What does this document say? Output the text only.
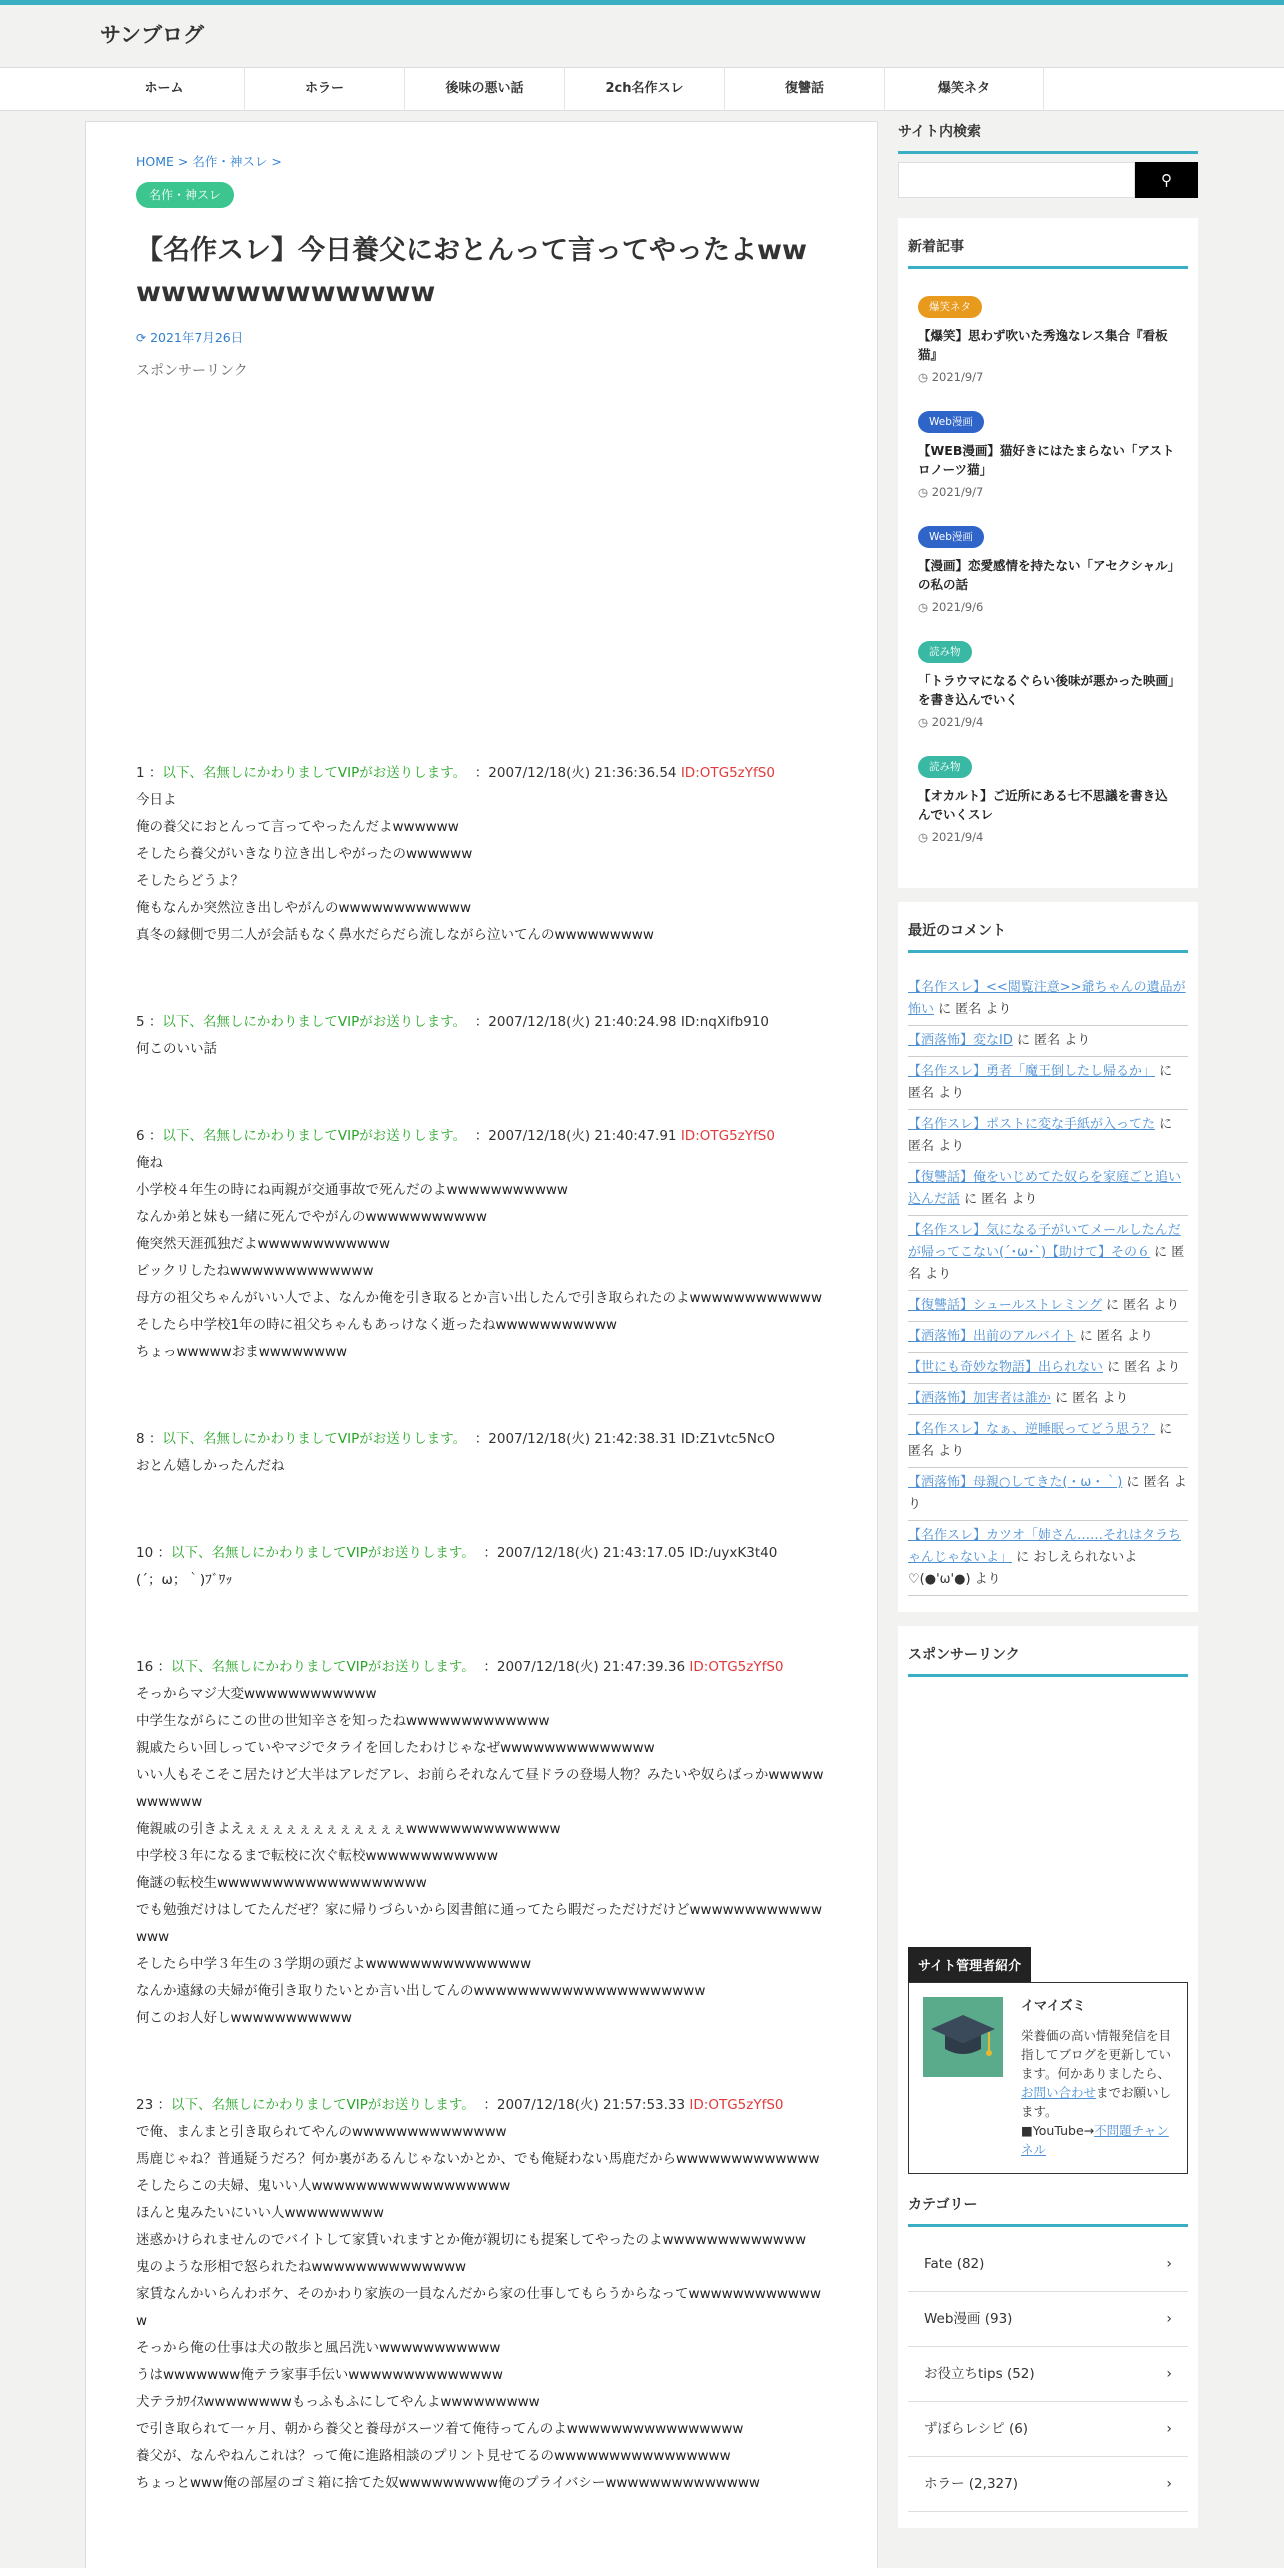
サンブログ
ホーム	ホラー	後味の悪い話	2ch名作スレ	復讐話	爆笑ネタ
HOME > 名作・神スレ >
名作・神スレ
【名作スレ】今日養父におとんって言ってやったよwwwwwwwwwwwwww
⟳ 2021年7月26日
スポンサーリンク
1 ：以下、名無しにかわりましてVIPがお送りします。 ：2007/12/18(火) 21:36:36.54 ID:OTG5zYfS0

今日よ

俺の養父におとんって言ってやったんだよwwwwww

そしたら養父がいきなり泣き出しやがったのwwwwww

そしたらどうよ？

俺もなんか突然泣き出しやがんのwwwwwwwwwwww

真冬の縁側で男二人が会話もなく鼻水だらだら流しながら泣いてんのwwwwwwwww

5 ：以下、名無しにかわりましてVIPがお送りします。 ：2007/12/18(火) 21:40:24.98 ID:nqXifb910

何このいい話

6 ：以下、名無しにかわりましてVIPがお送りします。 ：2007/12/18(火) 21:40:47.91 ID:OTG5zYfS0

俺ね

小学校４年生の時にね両親が交通事故で死んだのよwwwwwwwwwww

なんか弟と妹も一緒に死んでやがんのwwwwwwwwwww

俺突然天涯孤独だよwwwwwwwwwwww

ビックリしたねwwwwwwwwwwwww

母方の祖父ちゃんがいい人でよ、なんか俺を引き取るとか言い出したんで引き取られたのよwwwwwwwwwwww

そしたら中学校1年の時に祖父ちゃんもあっけなく逝ったねwwwwwwwwwww

ちょっwwwwwおまwwwwwwww

8 ：以下、名無しにかわりましてVIPがお送りします。 ：2007/12/18(火) 21:42:38.31 ID:Z1vtc5NcO

おとん嬉しかったんだね

10 ：以下、名無しにかわりましてVIPがお送りします。 ：2007/12/18(火) 21:43:17.05 ID:/uyxK3t40

(´；ω；｀)ﾌﾞﾜｯ

16 ：以下、名無しにかわりましてVIPがお送りします。 ：2007/12/18(火) 21:47:39.36 ID:OTG5zYfS0

そっからマジ大変wwwwwwwwwwww

中学生ながらにこの世の世知辛さを知ったねwwwwwwwwwwwww

親戚たらい回しっていやマジでタライを回したわけじゃなぜwwwwwwwwwwwwww

いい人もそこそこ居たけど大半はアレだアレ、お前らそれなんて昼ドラの登場人物？みたいや奴らばっかwwwwwwwwwww

俺親戚の引きよえぇぇぇぇぇぇぇぇぇぇぇぇwwwwwwwwwwwwww

中学校３年になるまで転校に次ぐ転校wwwwwwwwwwww

俺謎の転校生wwwwwwwwwwwwwwwwwww

でも勉強だけはしてたんだぜ？家に帰りづらいから図書館に通ってたら暇だっただけだけどwwwwwwwwwwwwwww

そしたら中学３年生の３学期の頭だよwwwwwwwwwwwwwww

なんか遠縁の夫婦が俺引き取りたいとか言い出してんのwwwwwwwwwwwwwwwwwwwww

何このお人好しwwwwwwwwwww

23 ：以下、名無しにかわりましてVIPがお送りします。 ：2007/12/18(火) 21:57:53.33 ID:OTG5zYfS0

で俺、まんまと引き取られてやんのwwwwwwwwwwwwww

馬鹿じゃね？普通疑うだろ？何か裏があるんじゃないかとか、でも俺疑わない馬鹿だからwwwwwwwwwwwww

そしたらこの夫婦、鬼いい人wwwwwwwwwwwwwwwwww

ほんと鬼みたいにいい人wwwwwwwww

迷惑かけられませんのでバイトして家賃いれますとか俺が親切にも提案してやったのよwwwwwwwwwwwww

鬼のような形相で怒られたねwwwwwwwwwwwwww

家賃なんかいらんわボケ、そのかわり家族の一員なんだから家の仕事してもらうからなってwwwwwwwwwwwww

そっから俺の仕事は犬の散歩と風呂洗いwwwwwwwwwww

うはwwwwwww俺テラ家事手伝いwwwwwwwwwwwwww

犬テラｶﾜｲｽwwwwwwwwもっふもふにしてやんよwwwwwwwww

で引き取られて一ヶ月、朝から養父と養母がスーツ着て俺待ってんのよwwwwwwwwwwwwwwww

養父が、なんやねんこれは？って俺に進路相談のプリント見せてるのwwwwwwwwwwwwwwww

ちょっとwww俺の部屋のゴミ箱に捨てた奴wwwwwwwww俺のプライバシーwwwwwwwwwwwwww

サイト内検索
⚲
新着記事
爆笑ネタ
【爆笑】思わず吹いた秀逸なレス集合『看板猫』
◷ 2021/9/7
Web漫画
【WEB漫画】猫好きにはたまらない「アストロノーツ猫」
◷ 2021/9/7
Web漫画
【漫画】恋愛感情を持たない「アセクシャル」の私の話
◷ 2021/9/6
読み物
「トラウマになるぐらい後味が悪かった映画」を書き込んでいく
◷ 2021/9/4
読み物
【オカルト】ご近所にある七不思議を書き込んでいくスレ
◷ 2021/9/4
最近のコメント
【名作スレ】<<閲覧注意>>爺ちゃんの遺品が怖い に 匿名 より
【洒落怖】変なID に 匿名 より
【名作スレ】勇者「魔王倒したし帰るか」 に 匿名 より
【名作スレ】ポストに変な手紙が入ってた に 匿名 より
【復讐話】俺をいじめてた奴らを家庭ごと追い込んだ話 に 匿名 より
【名作スレ】気になる子がいてメールしたんだが帰ってこない(´･ω･`)【助けて】その６ に 匿名 より
【復讐話】シュールストレミング に 匿名 より
【洒落怖】出前のアルバイト に 匿名 より
【世にも奇妙な物語】出られない に 匿名 より
【洒落怖】加害者は誰か に 匿名 より
【名作スレ】なぁ、逆睡眠ってどう思う？ に 匿名 より
【洒落怖】母親○してきた(・ω・｀) に 匿名 より
【名作スレ】カツオ「姉さん……それはタラちゃんじゃないよ」 に おしえられないよ♡(●'ω'●) より
スポンサーリンク
サイト管理者紹介
イマイズミ
栄養価の高い情報発信を目指してブログを更新しています。何かありましたら、お問い合わせまでお願いします。
■YouTube→不問題チャンネル
カテゴリー
Fate (82)	›
Web漫画 (93)	›
お役立ちtips (52)	›
ずぼらレシピ (6)	›
ホラー (2,327)	›
